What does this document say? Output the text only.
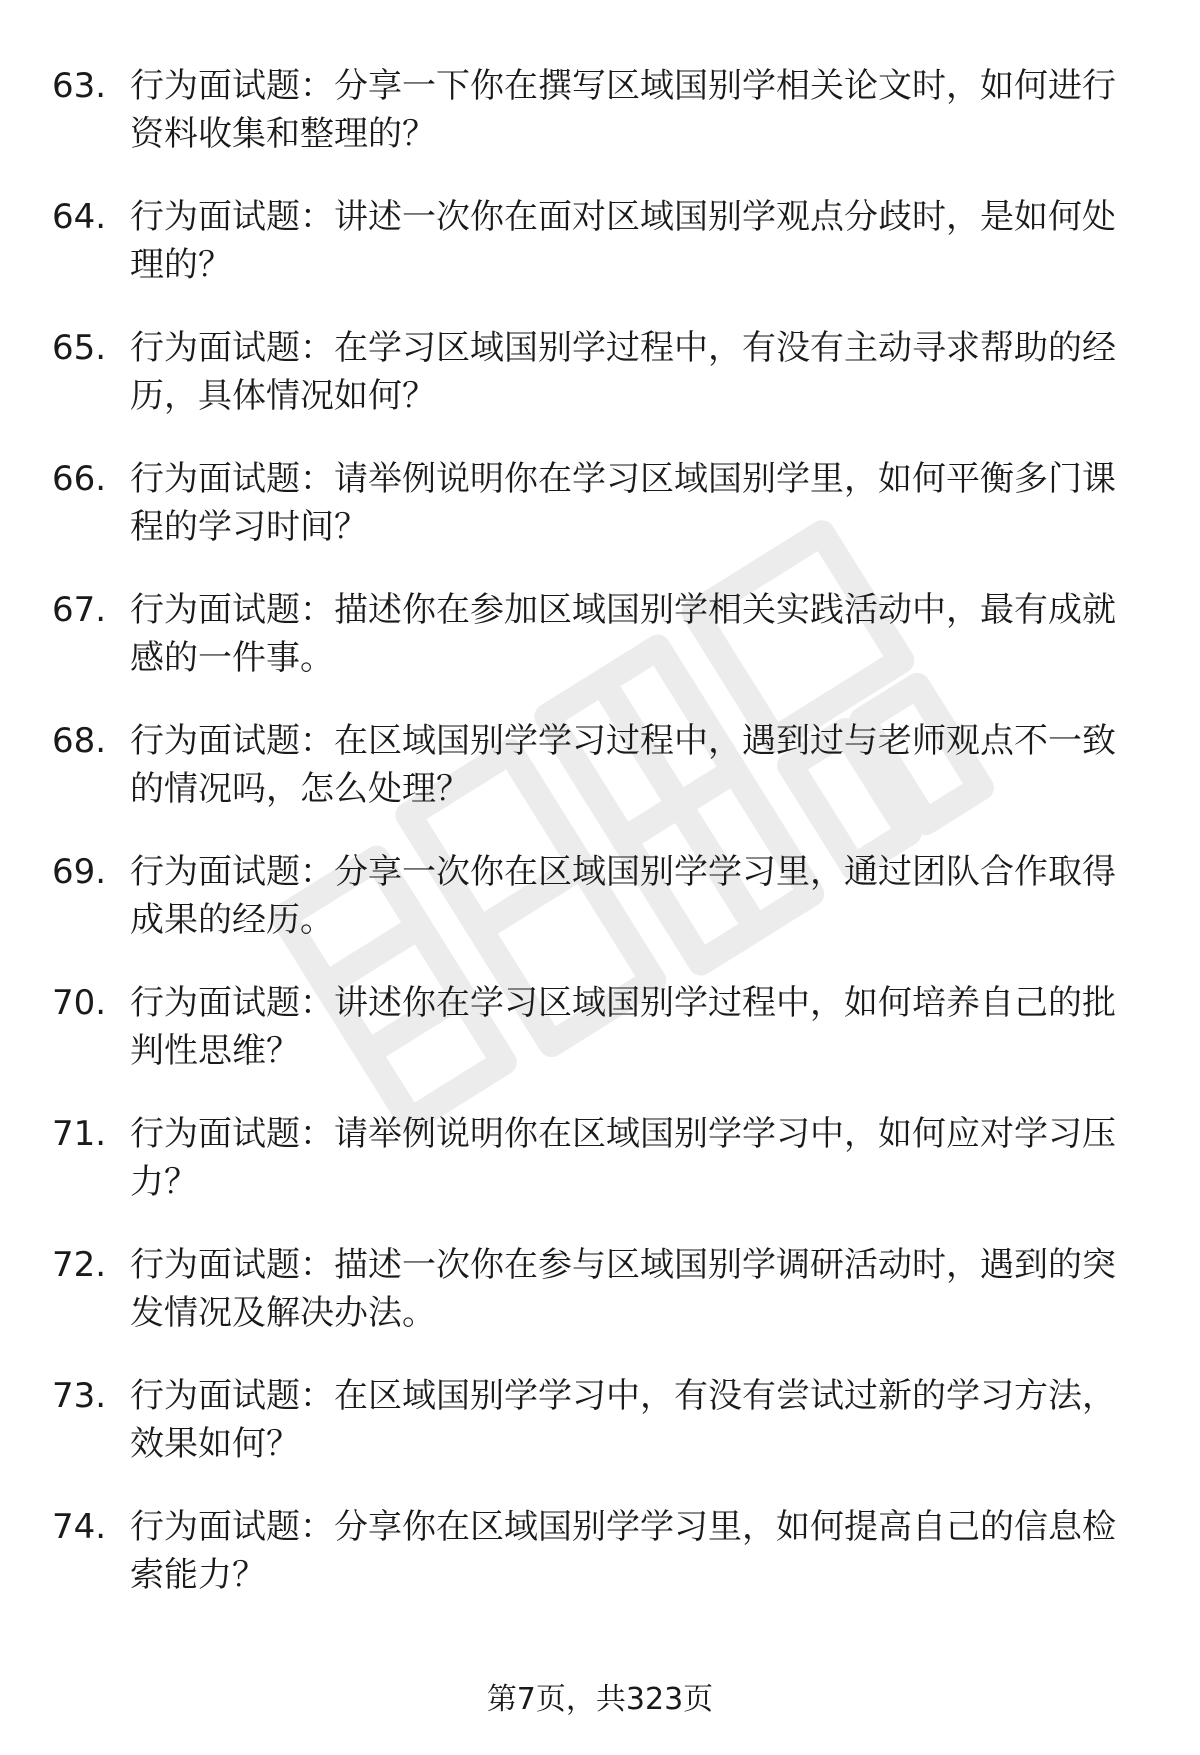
63. 行为面试题：分享一下你在撰写区域国别学相关论文时，如何进行资料收集和整理的？
64. 行为面试题：讲述一次你在面对区域国别学观点分歧时，是如何处理的？
65. 行为面试题：在学习区域国别学过程中，有没有主动寻求帮助的经历，具体情况如何？
66. 行为面试题：请举例说明你在学习区域国别学里，如何平衡多门课程的学习时间？
67. 行为面试题：描述你在参加区域国别学相关实践活动中，最有成就感的一件事。
68. 行为面试题：在区域国别学学习过程中，遇到过与老师观点不一致的情况吗，怎么处理？
69. 行为面试题：分享一次你在区域国别学学习里，通过团队合作取得成果的经历。
70. 行为面试题：讲述你在学习区域国别学过程中，如何培养自己的批判性思维？
71. 行为面试题：请举例说明你在区域国别学学习中，如何应对学习压力？
72. 行为面试题：描述一次你在参与区域国别学调研活动时，遇到的突发情况及解决办法。
73. 行为面试题：在区域国别学学习中，有没有尝试过新的学习方法，效果如何？
74. 行为面试题：分享你在区域国别学学习里，如何提高自己的信息检索能力？
第7页，共323页
